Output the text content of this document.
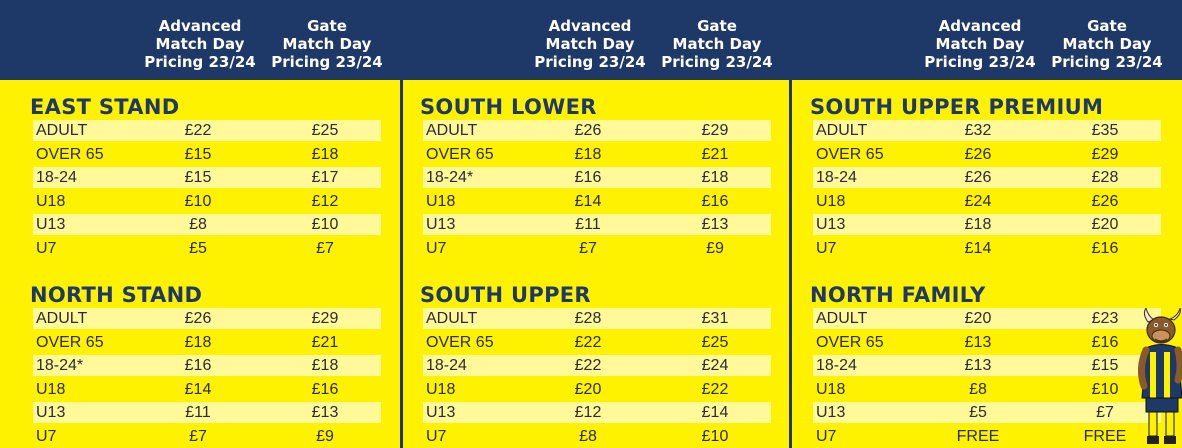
EAST STAND
ADULT	£22	£25
OVER 65	£15	£18
18-24	£15	£17
U18	£10	£12
U13	£8	£10
U7	£5	£7
NORTH STAND
ADULT	£26	£29
OVER 65	£18	£21
18-24*	£16	£18
U18	£14	£16
U13	£11	£13
U7	£7	£9
SOUTH LOWER
ADULT	£26	£29
OVER 65	£18	£21
18-24*	£16	£18
U18	£14	£16
U13	£11	£13
U7	£7	£9
SOUTH UPPER
ADULT	£28	£31
OVER 65	£22	£25
18-24	£22	£24
U18	£20	£22
U13	£12	£14
U7	£8	£10
SOUTH UPPER PREMIUM
ADULT	£32	£35
OVER 65	£26	£29
18-24	£26	£28
U18	£24	£26
U13	£18	£20
U7	£14	£16
NORTH FAMILY
ADULT	£20	£23
OVER 65	£13	£16
18-24	£13	£15
U18	£8	£10
U13	£5	£7
U7	FREE	FREE
Advanced
Match Day
Pricing 23/24
Gate
Match Day
Pricing 23/24
Advanced
Match Day
Pricing 23/24
Gate
Match Day
Pricing 23/24
Advanced
Match Day
Pricing 23/24
Gate
Match Day
Pricing 23/24
